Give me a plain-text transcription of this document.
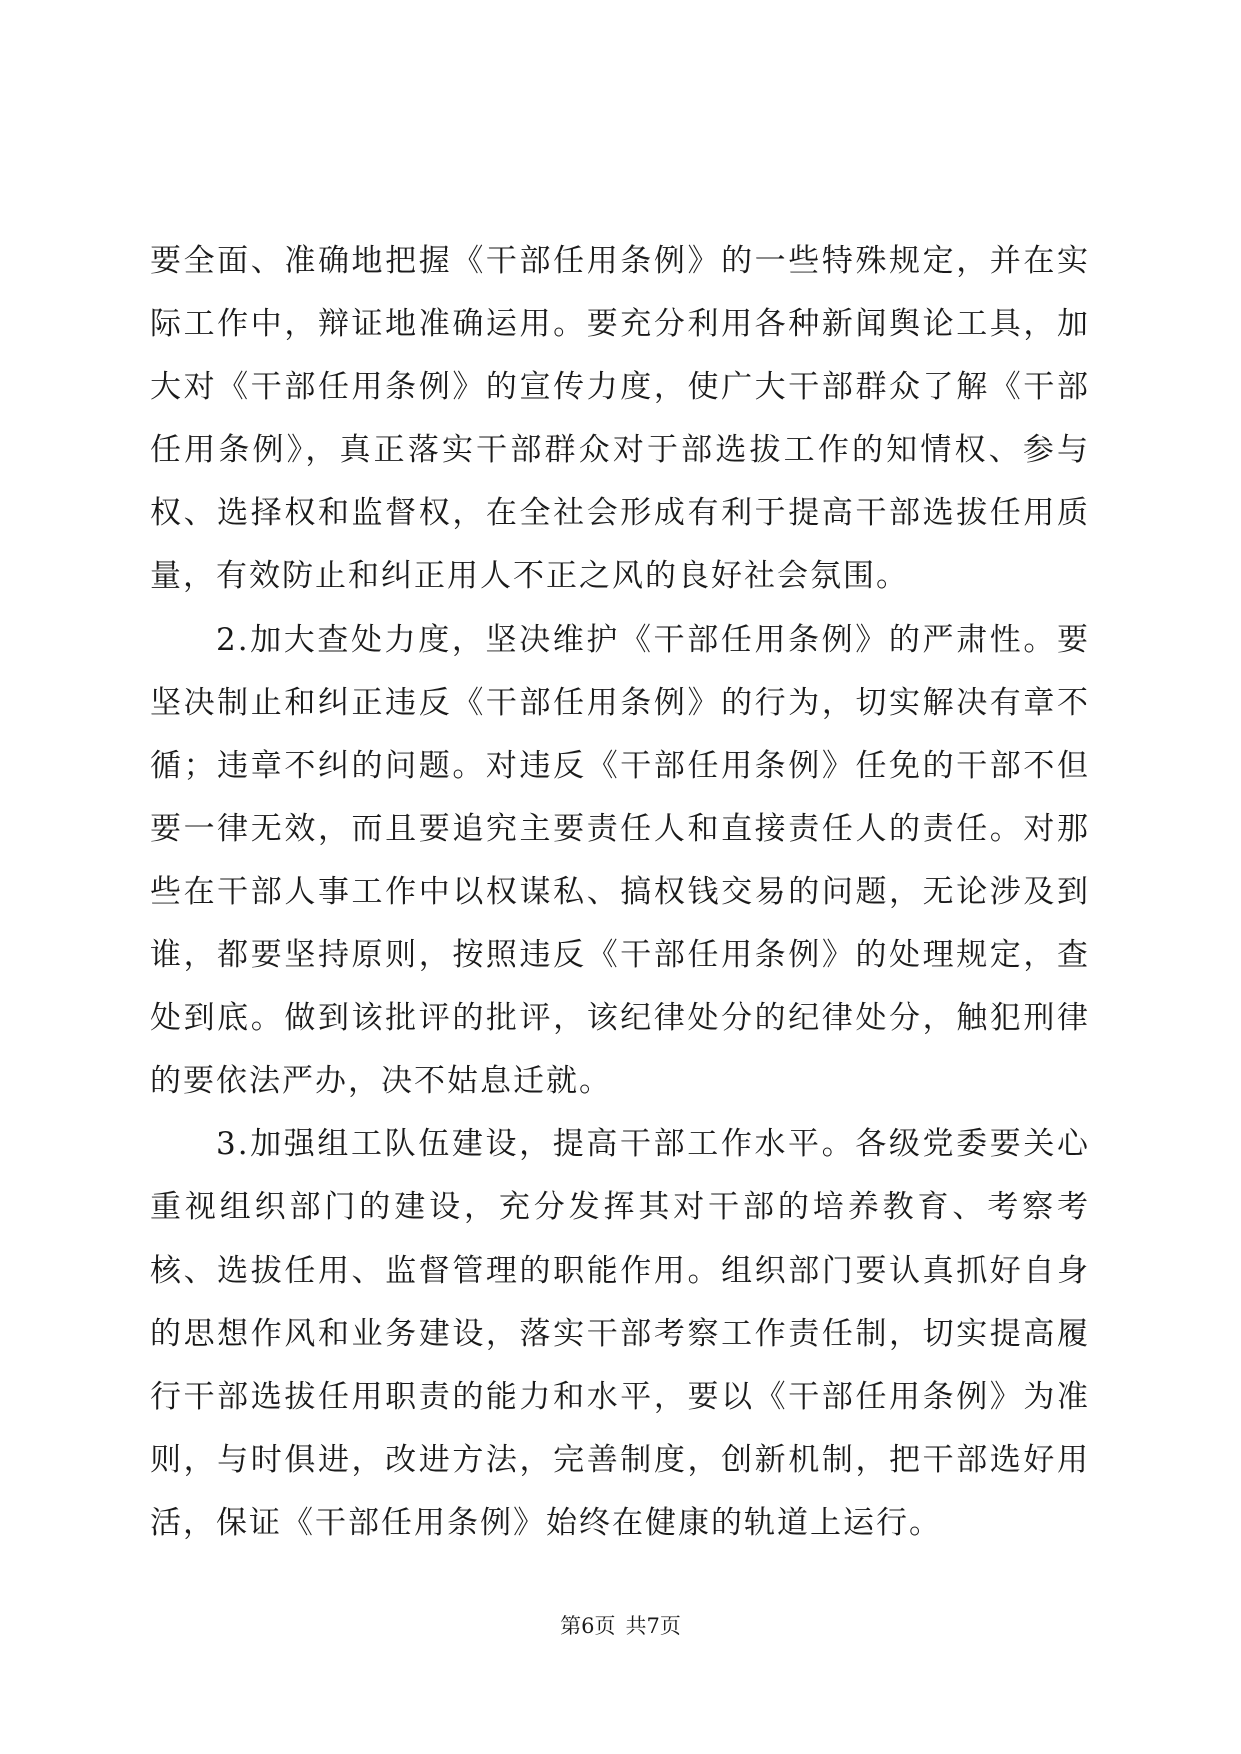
要全面、准确地把握《干部任用条例》的一些特殊规定，并在实际工作中，辩证地准确运用。要充分利用各种新闻舆论工具，加大对《干部任用条例》的宣传力度，使广大干部群众了解《干部任用条例》，真正落实干部群众对于部选拔工作的知情权、参与权、选择权和监督权，在全社会形成有利于提高干部选拔任用质量，有效防止和纠正用人不正之风的良好社会氛围。

2.加大查处力度，坚决维护《干部任用条例》的严肃性。要坚决制止和纠正违反《干部任用条例》的行为，切实解决有章不循；违章不纠的问题。对违反《干部任用条例》任免的干部不但要一律无效，而且要追究主要责任人和直接责任人的责任。对那些在干部人事工作中以权谋私、搞权钱交易的问题，无论涉及到谁，都要坚持原则，按照违反《干部任用条例》的处理规定，查处到底。做到该批评的批评，该纪律处分的纪律处分，触犯刑律的要依法严办，决不姑息迁就。

3.加强组工队伍建设，提高干部工作水平。各级党委要关心重视组织部门的建设，充分发挥其对干部的培养教育、考察考核、选拔任用、监督管理的职能作用。组织部门要认真抓好自身的思想作风和业务建设，落实干部考察工作责任制，切实提高履行干部选拔任用职责的能力和水平，要以《干部任用条例》为准则，与时俱进，改进方法，完善制度，创新机制，把干部选好用活，保证《干部任用条例》始终在健康的轨道上运行。

第6页 共7页
